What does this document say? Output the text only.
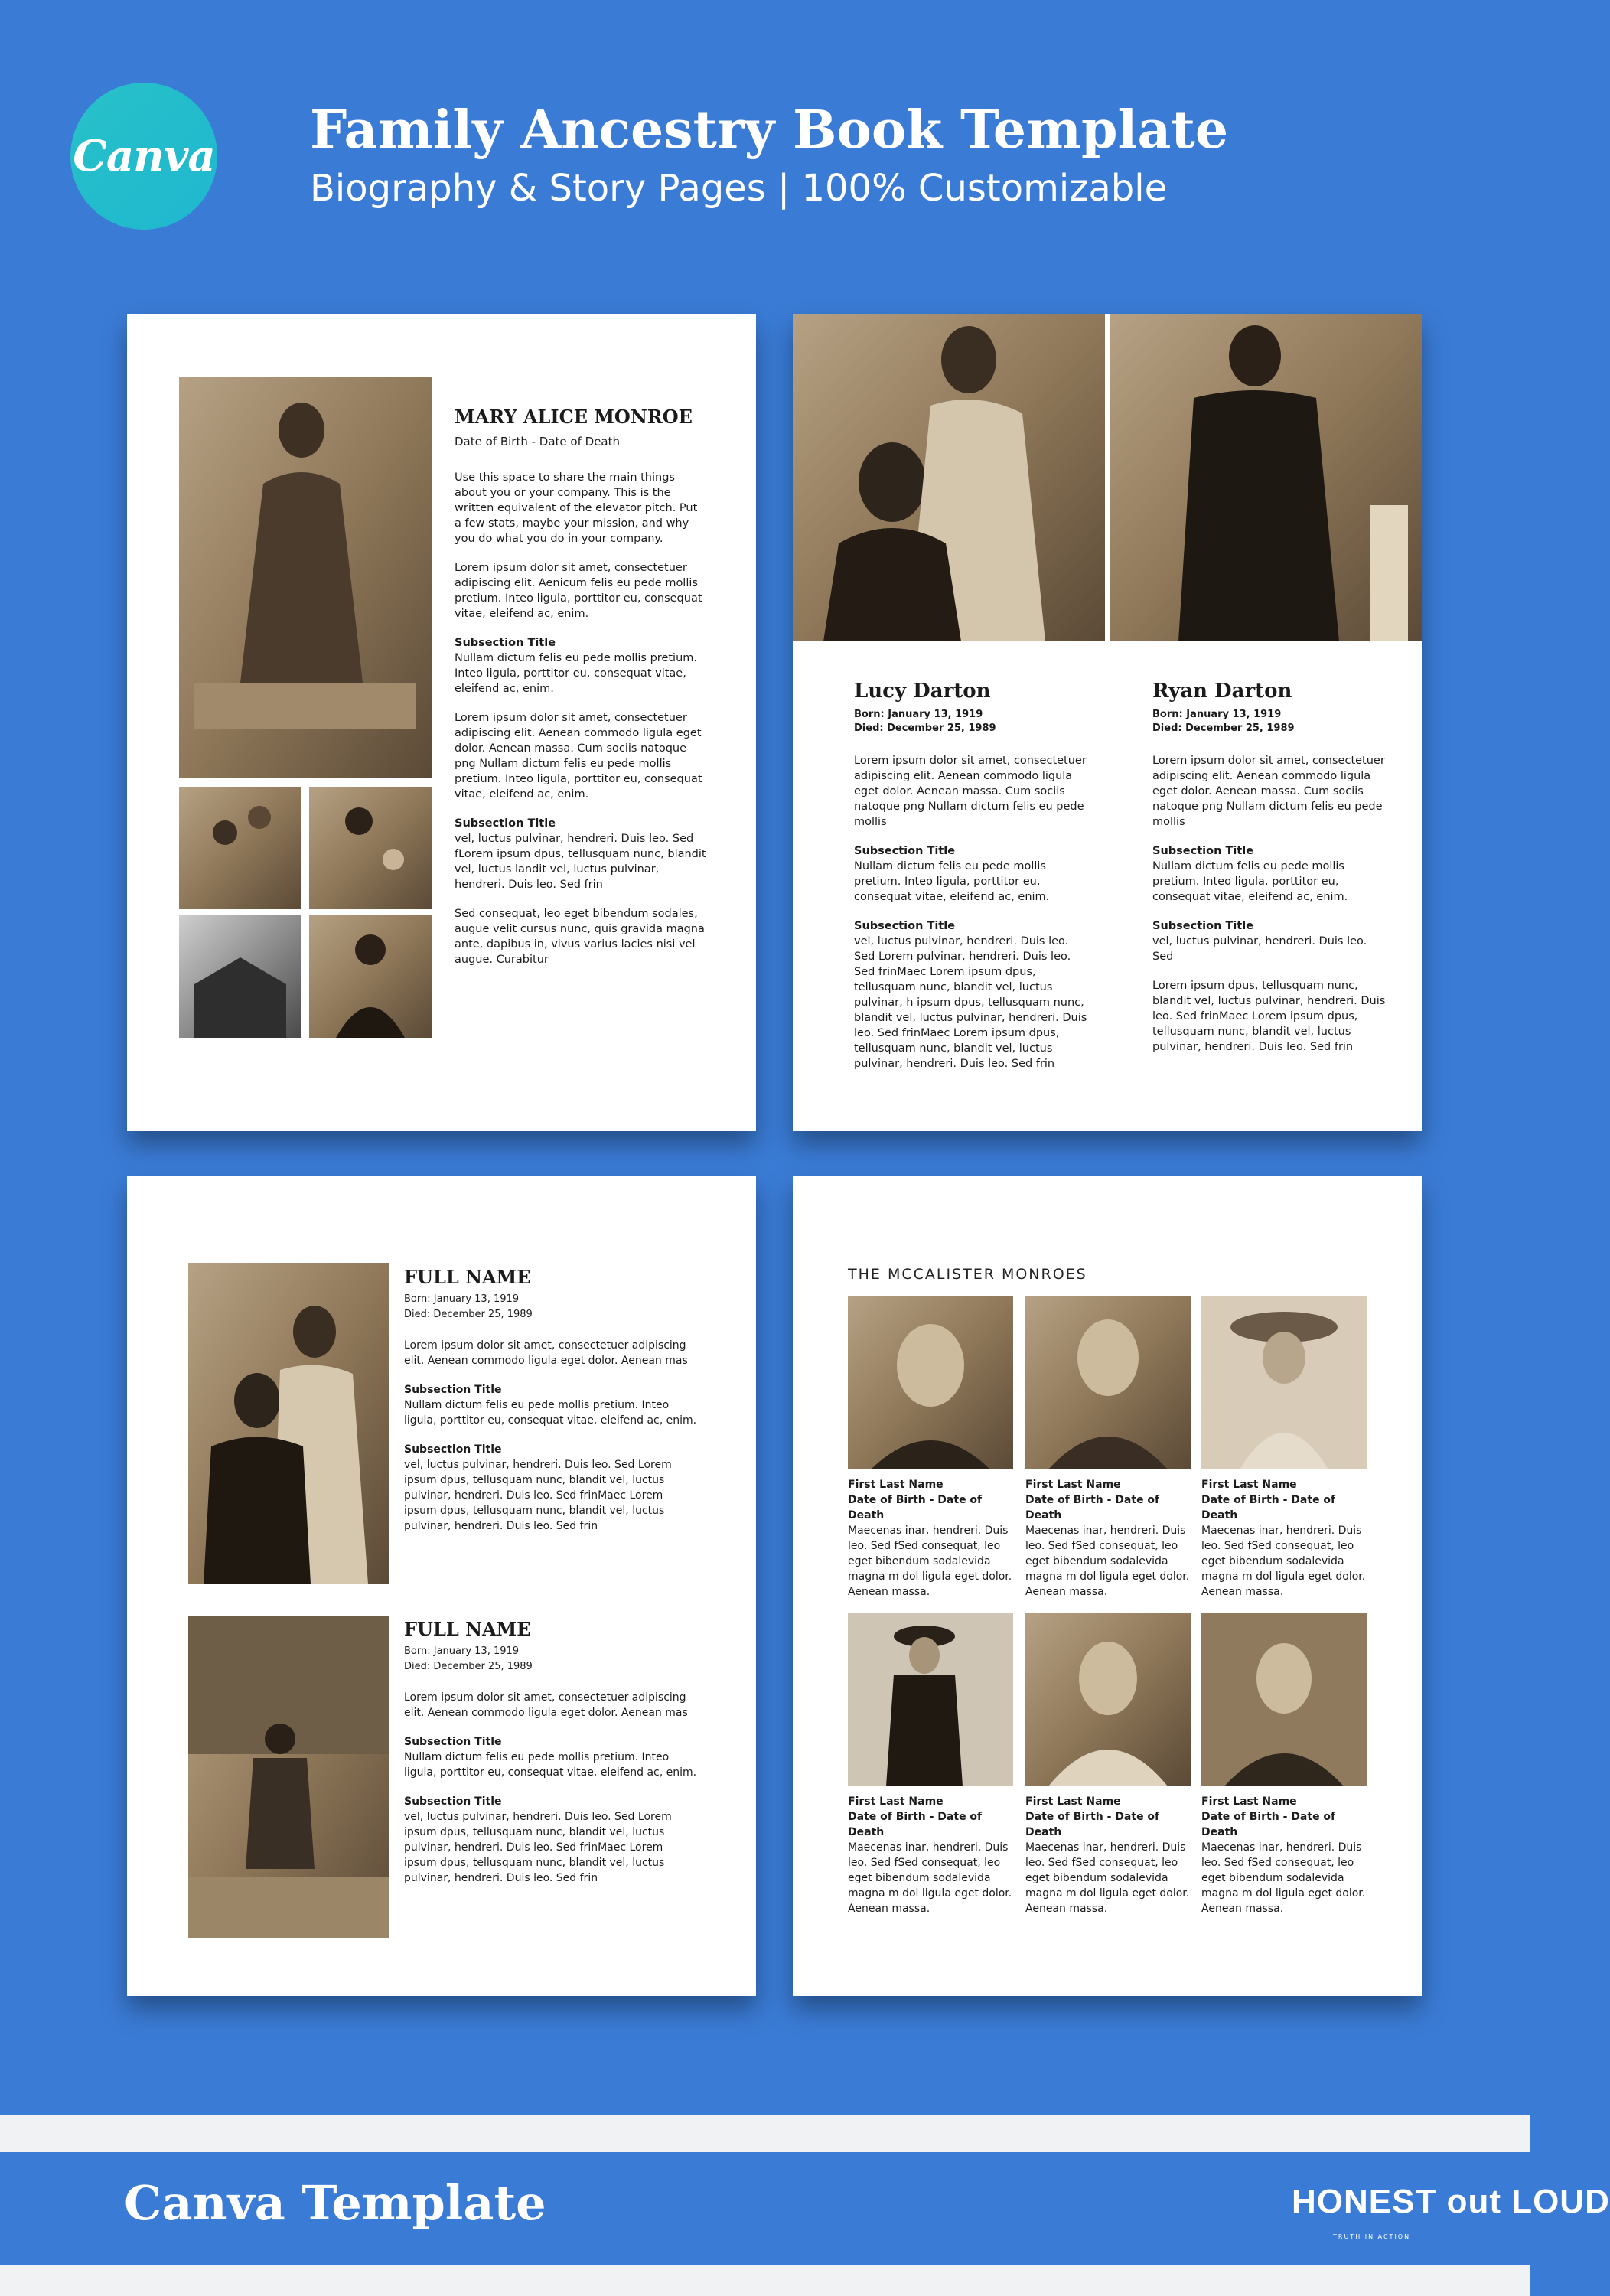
Canva Family Ancestry Book Template
Biography & Story Pages | 100% Customizable
MARY ALICE MONROE
Date of Birth - Date of Death

Use this space to share the main things about you or your company. This is the written equivalent of the elevator pitch. Put a few stats, maybe your mission, and why you do what you do in your company.

Lorem ipsum dolor sit amet, consectetuer adipiscing elit. Aenicum felis eu pede mollis pretium. Inteo ligula, porttitor eu, consequat vitae, eleifend ac, enim.

Subsection Title
Nullam dictum felis eu pede mollis pretium. Inteo ligula, porttitor eu, consequat vitae, eleifend ac, enim.

Lorem ipsum dolor sit amet, consectetuer adipiscing elit. Aenean commodo ligula eget dolor. Aenean massa. Cum sociis natoque png Nullam dictum felis eu pede mollis pretium. Inteo ligula, porttitor eu, consequat vitae, eleifend ac, enim.

Subsection Title
vel, luctus pulvinar, hendreri. Duis leo. Sed fLorem ipsum dpus, tellusquam nunc, blandit vel, luctus landit vel, luctus pulvinar, hendreri. Duis leo. Sed frin

Sed consequat, leo eget bibendum sodales, augue velit cursus nunc, quis gravida magna ante, dapibus in, vivus varius lacies nisi vel augue. Curabitur

Lucy Darton
Born: January 13, 1919
Died: December 25, 1989

Lorem ipsum dolor sit amet, consectetuer adipiscing elit. Aenean commodo ligula eget dolor. Aenean massa. Cum sociis natoque png Nullam dictum felis eu pede mollis

Subsection Title
Nullam dictum felis eu pede mollis pretium. Inteo ligula, porttitor eu, consequat vitae, eleifend ac, enim.

Subsection Title
vel, luctus pulvinar, hendreri. Duis leo. Sed Lorem pulvinar, hendreri. Duis leo. Sed frinMaec Lorem ipsum dpus, tellusquam nunc, blandit vel, luctus pulvinar, h ipsum dpus, tellusquam nunc, blandit vel, luctus pulvinar, hendreri. Duis leo. Sed frinMaec Lorem ipsum dpus, tellusquam nunc, blandit vel, luctus pulvinar, hendreri. Duis leo. Sed frin

Ryan Darton
Born: January 13, 1919
Died: December 25, 1989

Lorem ipsum dolor sit amet, consectetuer adipiscing elit. Aenean commodo ligula eget dolor. Aenean massa. Cum sociis natoque png Nullam dictum felis eu pede mollis

Subsection Title
Nullam dictum felis eu pede mollis pretium. Inteo ligula, porttitor eu, consequat vitae, eleifend ac, enim.

Subsection Title
vel, luctus pulvinar, hendreri. Duis leo. Sed

Lorem ipsum dpus, tellusquam nunc, blandit vel, luctus pulvinar, hendreri. Duis leo. Sed frinMaec Lorem ipsum dpus, tellusquam nunc, blandit vel, luctus pulvinar, hendreri. Duis leo. Sed frin

FULL NAME
Born: January 13, 1919
Died: December 25, 1989

Lorem ipsum dolor sit amet, consectetuer adipiscing elit. Aenean commodo ligula eget dolor. Aenean mas

Subsection Title
Nullam dictum felis eu pede mollis pretium. Inteo ligula, porttitor eu, consequat vitae, eleifend ac, enim.

Subsection Title
vel, luctus pulvinar, hendreri. Duis leo. Sed Lorem ipsum dpus, tellusquam nunc, blandit vel, luctus pulvinar, hendreri. Duis leo. Sed frinMaec Lorem ipsum dpus, tellusquam nunc, blandit vel, luctus pulvinar, hendreri. Duis leo. Sed frin

FULL NAME
Born: January 13, 1919
Died: December 25, 1989

Lorem ipsum dolor sit amet, consectetuer adipiscing elit. Aenean commodo ligula eget dolor. Aenean mas

Subsection Title
Nullam dictum felis eu pede mollis pretium. Inteo ligula, porttitor eu, consequat vitae, eleifend ac, enim.

Subsection Title
vel, luctus pulvinar, hendreri. Duis leo. Sed Lorem ipsum dpus, tellusquam nunc, blandit vel, luctus pulvinar, hendreri. Duis leo. Sed frinMaec Lorem ipsum dpus, tellusquam nunc, blandit vel, luctus pulvinar, hendreri. Duis leo. Sed frin

THE MCCALISTER MONROES
First Last Name
Date of Birth - Date of Death
Maecenas inar, hendreri. Duis leo. Sed fSed consequat, leo eget bibendum sodalevida magna m dol ligula eget dolor. Aenean massa.
First Last Name
Date of Birth - Date of Death
Maecenas inar, hendreri. Duis leo. Sed fSed consequat, leo eget bibendum sodalevida magna m dol ligula eget dolor. Aenean massa.
First Last Name
Date of Birth - Date of Death
Maecenas inar, hendreri. Duis leo. Sed fSed consequat, leo eget bibendum sodalevida magna m dol ligula eget dolor. Aenean massa.
First Last Name
Date of Birth - Date of Death
Maecenas inar, hendreri. Duis leo. Sed fSed consequat, leo eget bibendum sodalevida magna m dol ligula eget dolor. Aenean massa.
First Last Name
Date of Birth - Date of Death
Maecenas inar, hendreri. Duis leo. Sed fSed consequat, leo eget bibendum sodalevida magna m dol ligula eget dolor. Aenean massa.
First Last Name
Date of Birth - Date of Death
Maecenas inar, hendreri. Duis leo. Sed fSed consequat, leo eget bibendum sodalevida magna m dol ligula eget dolor. Aenean massa.
Canva Template	HONEST out LOUD
TRUTH IN ACTION
